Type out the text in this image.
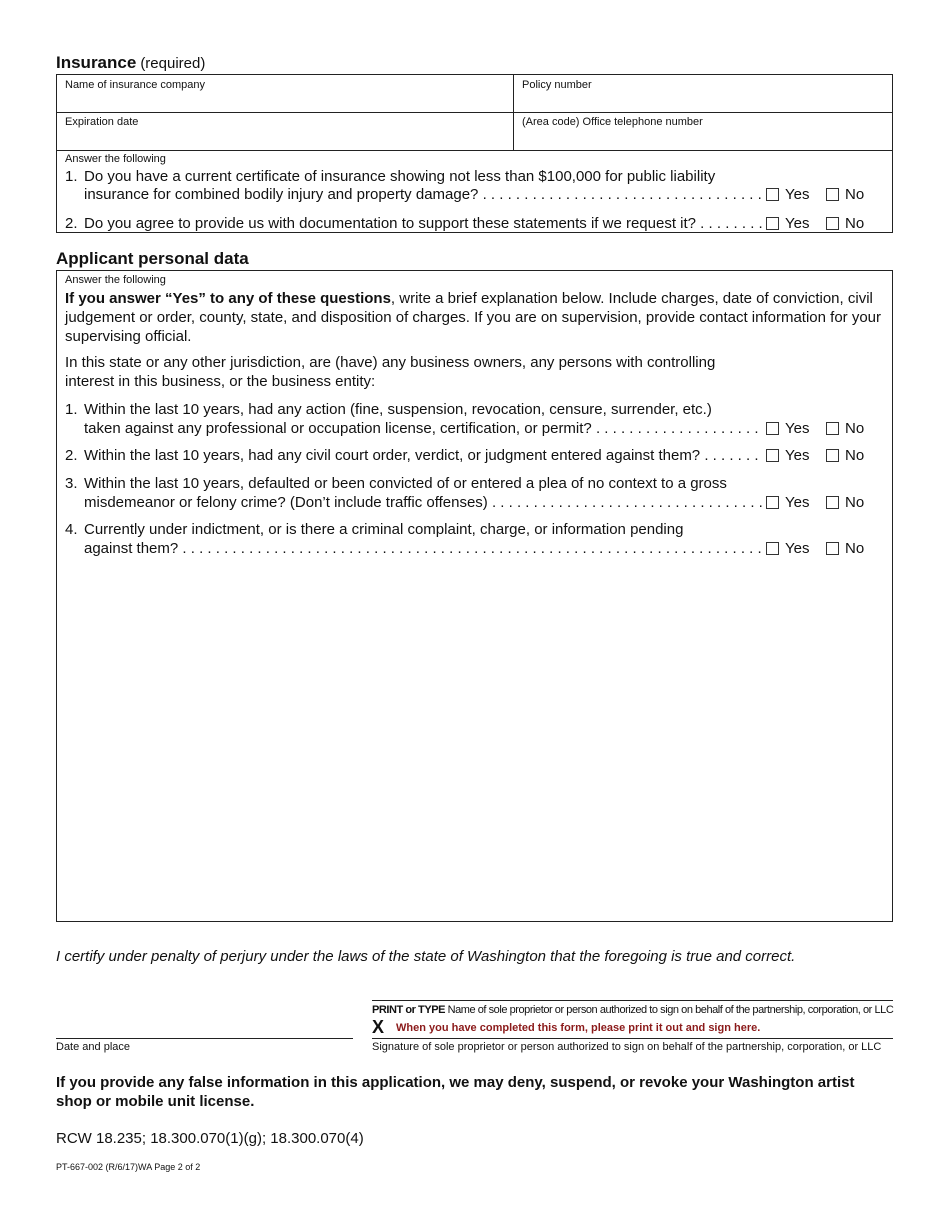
Insurance (required)
Name of insurance company	Policy number
Expiration date	(Area code) Office telephone number
Answer the following
1. Do you have a current certificate of insurance showing not less than $100,000 for public liability
insurance for combined bodily injury and property damage? . . .	Yes No
2. Do you agree to provide us with documentation to support these statements if we request it? . . .	Yes No
Applicant personal data
Answer the following
If you answer “Yes” to any of these questions, write a brief explanation below. Include charges, date of conviction, civil judgement or order, county, state, and disposition of charges. If you are on supervision, provide contact information for your supervising official.
In this state or any other jurisdiction, are (have) any business owners, any persons with controlling interest in this business, or the business entity:
1. Within the last 10 years, had any action (fine, suspension, revocation, censure, surrender, etc.)
taken against any professional or occupation license, certification, or permit? . . .	Yes No
2. Within the last 10 years, had any civil court order, verdict, or judgment entered against them? . . .	Yes No
3. Within the last 10 years, defaulted or been convicted of or entered a plea of no context to a gross
misdemeanor or felony crime? (Don’t include traffic offenses) . . .	Yes No
4. Currently under indictment, or is there a criminal complaint, charge, or information pending
against them? . . .	Yes No
I certify under penalty of perjury under the laws of the state of Washington that the foregoing is true and correct.
PRINT or TYPE Name of sole proprietor or person authorized to sign on behalf of the partnership, corporation, or LLC
X When you have completed this form, please print it out and sign here.
Date and place	Signature of sole proprietor or person authorized to sign on behalf of the partnership, corporation, or LLC
If you provide any false information in this application, we may deny, suspend, or revoke your Washington artist shop or mobile unit license.
RCW 18.235; 18.300.070(1)(g); 18.300.070(4)
PT-667-002 (R/6/17)WA Page 2 of 2
